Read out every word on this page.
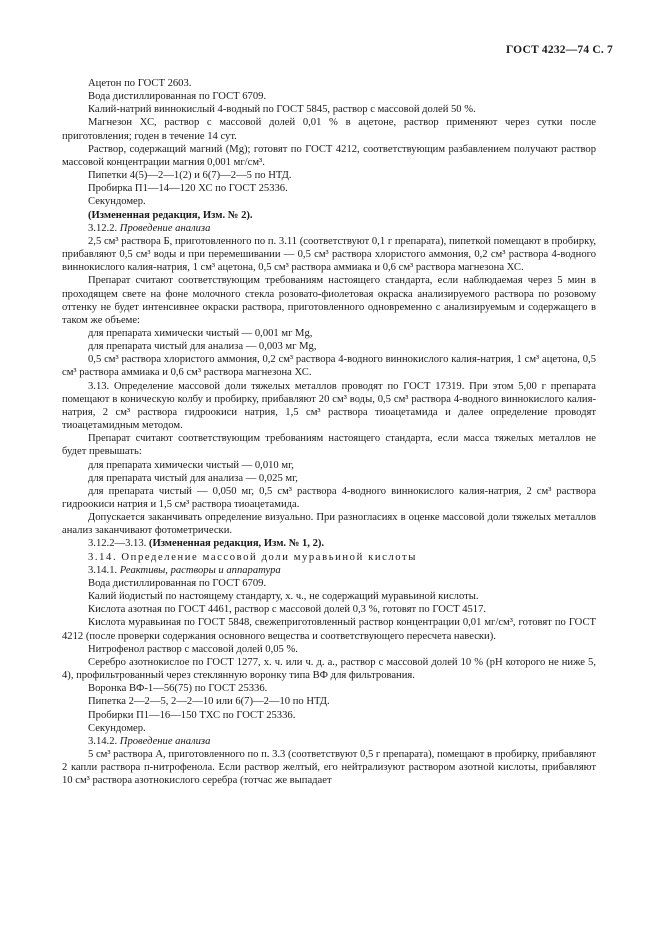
ГОСТ 4232—74 С. 7

Ацетон по ГОСТ 2603.

Вода дистиллированная по ГОСТ 6709.

Калий-натрий виннокислый 4-водный по ГОСТ 5845, раствор с массовой долей 50 %.

Магнезон ХС, раствор с массовой долей 0,01 % в ацетоне, раствор применяют через сутки после приготовления; годен в течение 14 сут.

Раствор, содержащий магний (Mg); готовят по ГОСТ 4212, соответствующим разбавлением получают раствор массовой концентрации магния 0,001 мг/см³.

Пипетки 4(5)—2—1(2) и 6(7)—2—5 по НТД.

Пробирка П1—14—120 ХС по ГОСТ 25336.

Секундомер.

(Измененная редакция, Изм. № 2).

3.12.2. Проведение анализа

2,5 см³ раствора Б, приготовленного по п. 3.11 (соответствуют 0,1 г препарата), пипеткой помещают в пробирку, прибавляют 0,5 см³ воды и при перемешивании — 0,5 см³ раствора хлористого аммония, 0,2 см³ раствора 4-водного виннокислого калия-натрия, 1 см³ ацетона, 0,5 см³ раствора аммиака и 0,6 см³ раствора магнезона ХС.

Препарат считают соответствующим требованиям настоящего стандарта, если наблюдаемая через 5 мин в проходящем свете на фоне молочного стекла розовато-фиолетовая окраска анализируемого раствора по розовому оттенку не будет интенсивнее окраски раствора, приготовленного одновременно с анализируемым и содержащего в таком же объеме:

для препарата химически чистый — 0,001 мг Mg,

для препарата чистый для анализа — 0,003 мг Mg,

0,5 см³ раствора хлористого аммония, 0,2 см³ раствора 4-водного виннокислого калия-натрия, 1 см³ ацетона, 0,5 см³ раствора аммиака и 0,6 см³ раствора магнезона ХС.

3.13. Определение массовой доли тяжелых металлов проводят по ГОСТ 17319. При этом 5,00 г препарата помещают в коническую колбу и пробирку, прибавляют 20 см³ воды, 0,5 см³ раствора 4-водного виннокислого калия-натрия, 2 см³ раствора гидроокиси натрия, 1,5 см³ раствора тиоацетамида и далее определение проводят тиоацетамидным методом.

Препарат считают соответствующим требованиям настоящего стандарта, если масса тяжелых металлов не будет превышать:

для препарата химически чистый — 0,010 мг,

для препарата чистый для анализа — 0,025 мг,

для препарата чистый — 0,050 мг, 0,5 см³ раствора 4-водного виннокислого калия-натрия, 2 см³ раствора гидроокиси натрия и 1,5 см³ раствора тиоацетамида.

Допускается заканчивать определение визуально. При разногласиях в оценке массовой доли тяжелых металлов анализ заканчивают фотометрически.

3.12.2—3.13. (Измененная редакция, Изм. № 1, 2).

3.14. Определение массовой доли муравьиной кислоты

3.14.1. Реактивы, растворы и аппаратура

Вода дистиллированная по ГОСТ 6709.

Калий йодистый по настоящему стандарту, х. ч., не содержащий муравьиной кислоты.

Кислота азотная по ГОСТ 4461, раствор с массовой долей 0,3 %, готовят по ГОСТ 4517.

Кислота муравьиная по ГОСТ 5848, свежеприготовленный раствор концентрации 0,01 мг/см³, готовят по ГОСТ 4212 (после проверки содержания основного вещества и соответствующего пересчета навески).

Нитрофенол раствор с массовой долей 0,05 %.

Серебро азотнокислое по ГОСТ 1277, х. ч. или ч. д. а., раствор с массовой долей 10 % (pH которого не ниже 5, 4), профильтрованный через стеклянную воронку типа ВФ для фильтрования.

Воронка ВФ-1—56(75) по ГОСТ 25336.

Пипетка 2—2—5, 2—2—10 или 6(7)—2—10 по НТД.

Пробирки П1—16—150 ТХС по ГОСТ 25336.

Секундомер.

3.14.2. Проведение анализа

5 см³ раствора А, приготовленного по п. 3.3 (соответствуют 0,5 г препарата), помещают в пробирку, прибавляют 2 капли раствора п-нитрофенола. Если раствор желтый, его нейтрализуют раствором азотной кислоты, прибавляют 10 см³ раствора азотнокислого серебра (тотчас же выпадает
